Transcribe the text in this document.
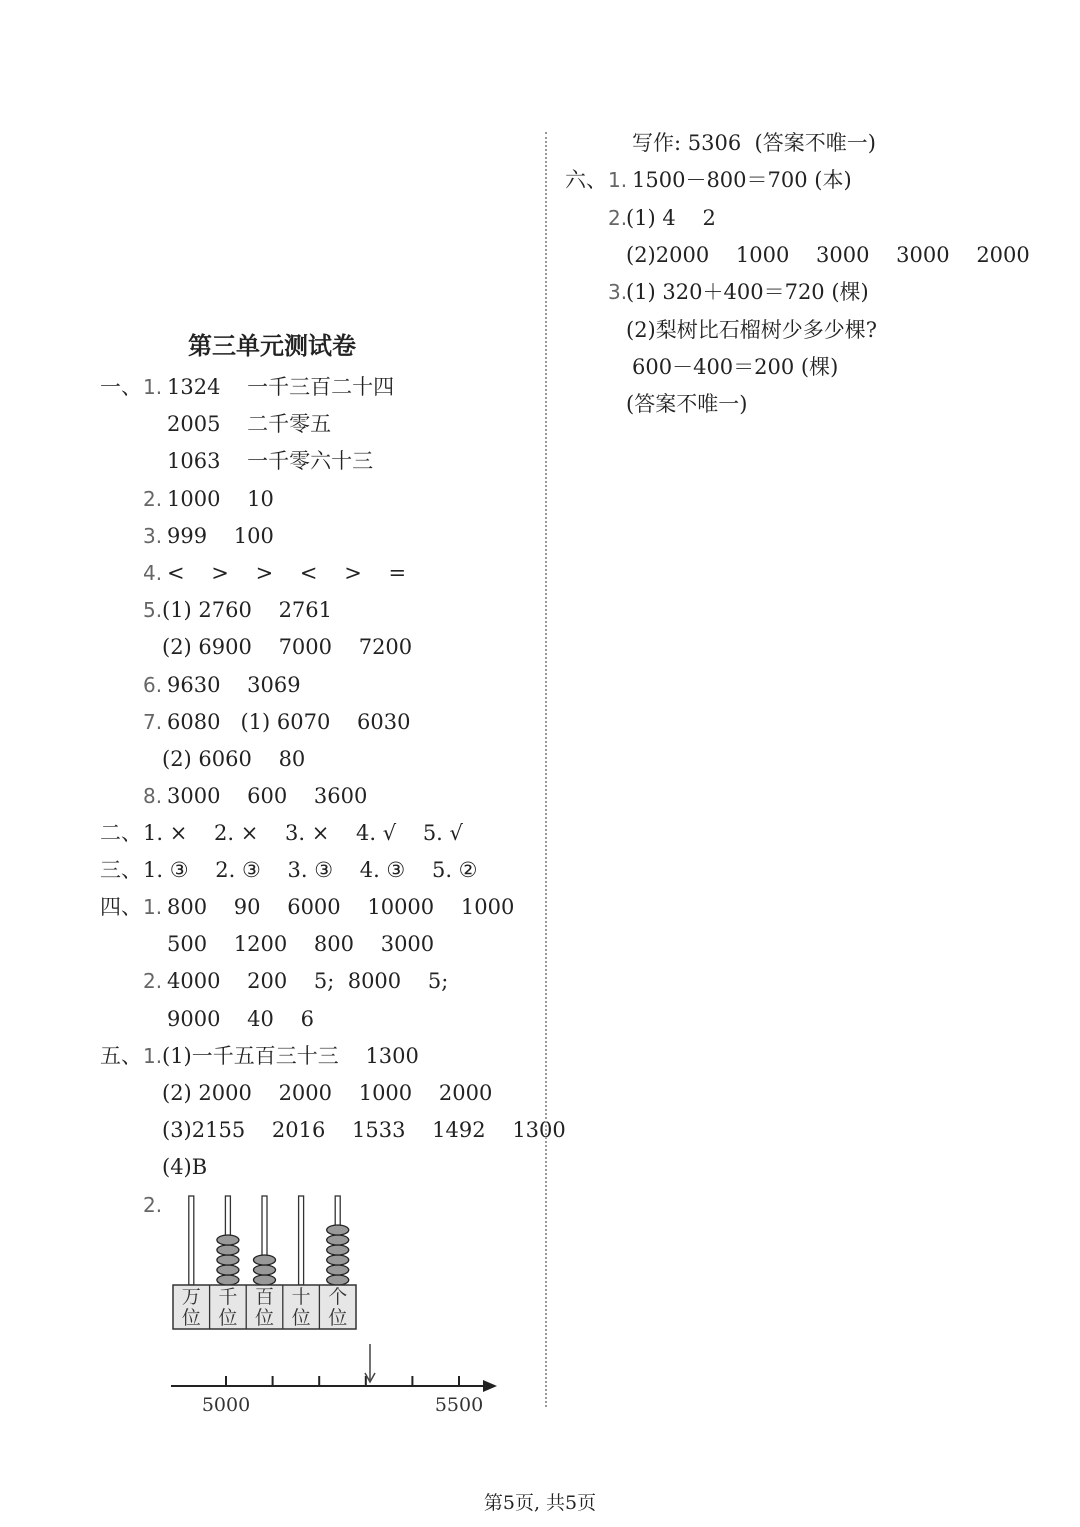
第三单元测试卷
一、 1. 1324    一千三百二十四
2005    二千零五
1063    一千零六十三
2. 1000    10
3. 999    100
4. <    >    >    <    >    =
5. (1) 2760    2761
(2) 6900    7000    7200
6. 9630    3069
7. 6080   (1) 6070    6030
(2) 6060    80
8. 3000    600    3600
二、 1. ×    2. ×    3. ×    4. √    5. √
三、 1. ③    2. ③    3. ③    4. ③    5. ②
四、 1. 800    90    6000    10000    1000
500    1200    800    3000
2. 4000    200    5;  8000    5;
9000    40    6
五、 1. (1)一千五百三十三    1300
(2) 2000    2000    1000    2000
(3)2155    2016    1533    1492    1300
(4)B
2.
万
位
千
位
百
位
十
位
个
位
5000	5500
写作: 5306  (答案不唯一)
六、 1. 1500－800＝700 (本)
2.
(1) 4    2
(2)2000    1000    3000    3000    2000
3.
(1) 320＋400＝720 (棵)
(2)梨树比石榴树少多少棵?
600－400＝200 (棵)
(答案不唯一)
第5页, 共5页
